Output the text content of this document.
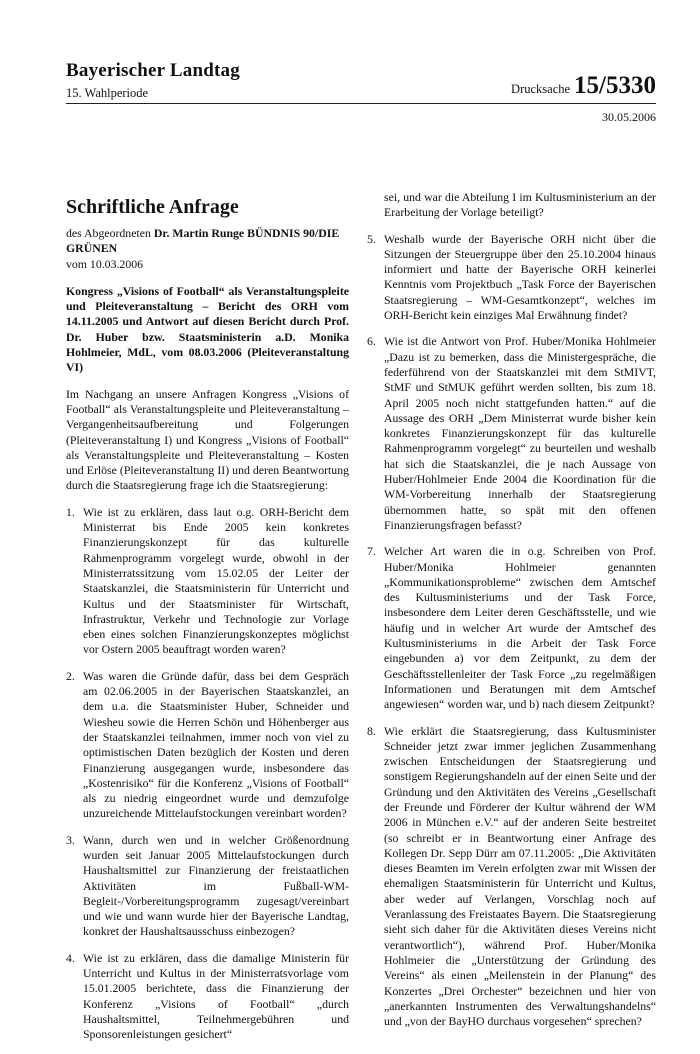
Bayerischer Landtag
15. Wahlperiode	Drucksache 15/5330
30.05.2006
Schriftliche Anfrage

des Abgeordneten Dr. Martin Runge BÜNDNIS 90/DIE GRÜNEN

vom 10.03.2006

Kongress „Visions of Football“ als Veranstaltungspleite und Pleiteveranstaltung – Bericht des ORH vom 14.11.2005 und Antwort auf diesen Bericht durch Prof. Dr. Huber bzw. Staatsministerin a.D. Monika Hohlmeier, MdL, vom 08.03.2006 (Pleiteveranstaltung VI)

Im Nachgang an unsere Anfragen Kongress „Visions of Football“ als Veranstaltungspleite und Pleiteveranstaltung – Vergangenheitsaufbereitung und Folgerungen (Pleiteveranstaltung I) und Kongress „Visions of Football“ als Veranstaltungspleite und Pleiteveranstaltung – Kosten und Erlöse (Pleiteveranstaltung II) und deren Beantwortung durch die Staatsregierung frage ich die Staatsregierung:

1. Wie ist zu erklären, dass laut o.g. ORH-Bericht dem Ministerrat bis Ende 2005 kein konkretes Finanzierungskonzept für das kulturelle Rahmenprogramm vorgelegt wurde, obwohl in der Ministerratssitzung vom 15.02.05 der Leiter der Staatskanzlei, die Staatsministerin für Unterricht und Kultus und der Staatsminister für Wirtschaft, Infrastruktur, Verkehr und Technologie zur Vorlage eben eines solchen Finanzierungskonzeptes möglichst vor Ostern 2005 beauftragt worden waren?
2. Was waren die Gründe dafür, dass bei dem Gespräch am 02.06.2005 in der Bayerischen Staatskanzlei, an dem u.a. die Staatsminister Huber, Schneider und Wiesheu sowie die Herren Schön und Höhenberger aus der Staatskanzlei teilnahmen, immer noch von viel zu optimistischen Daten bezüglich der Kosten und deren Finanzierung ausgegangen wurde, insbesondere das „Kostenrisiko“ für die Konferenz „Visions of Football“ als zu niedrig eingeordnet wurde und demzufolge unzureichende Mittelaufstockungen vereinbart worden?
3. Wann, durch wen und in welcher Größenordnung wurden seit Januar 2005 Mittelaufstockungen durch Haushaltsmittel zur Finanzierung der freistaatlichen Aktivitäten im Fußball-WM-Begleit-/Vorbereitungsprogramm zugesagt/vereinbart und wie und wann wurde hier der Bayerische Landtag, konkret der Haushaltsausschuss einbezogen?
4. Wie ist zu erklären, dass die damalige Ministerin für Unterricht und Kultus in der Ministerratsvorlage vom 15.01.2005 berichtete, dass die Finanzierung der Konferenz „Visions of Football“ „durch Haushaltsmittel, Teilnehmergebühren und Sponsorenleistungen gesichert“
sei, und war die Abteilung I im Kultusministerium an der Erarbeitung der Vorlage beteiligt?
5. Weshalb wurde der Bayerische ORH nicht über die Sitzungen der Steuergruppe über den 25.10.2004 hinaus informiert und hatte der Bayerische ORH keinerlei Kenntnis vom Projektbuch „Task Force der Bayerischen Staatsregierung – WM-Gesamtkonzept“, welches im ORH-Bericht kein einziges Mal Erwähnung findet?
6. Wie ist die Antwort von Prof. Huber/Monika Hohlmeier „Dazu ist zu bemerken, dass die Ministergespräche, die federführend von der Staatskanzlei mit dem StMIVT, StMF und StMUK geführt werden sollten, bis zum 18. April 2005 noch nicht stattgefunden hatten.“ auf die Aussage des ORH „Dem Ministerrat wurde bisher kein konkretes Finanzierungskonzept für das kulturelle Rahmenprogramm vorgelegt“ zu beurteilen und weshalb hat sich die Staatskanzlei, die je nach Aussage von Huber/Hohlmeier Ende 2004 die Koordination für die WM-Vorbereitung innerhalb der Staatsregierung übernommen hatte, so spät mit den offenen Finanzierungsfragen befasst?
7. Welcher Art waren die in o.g. Schreiben von Prof. Huber/Monika Hohlmeier genannten „Kommunikationsprobleme“ zwischen dem Amtschef des Kultusministeriums und der Task Force, insbesondere dem Leiter deren Geschäftsstelle, und wie häufig und in welcher Art wurde der Amtschef des Kultusministeriums in die Arbeit der Task Force eingebunden a) vor dem Zeitpunkt, zu dem der Geschäftsstellenleiter der Task Force „zu regelmäßigen Informationen und Beratungen mit dem Amtschef angewiesen“ worden war, und b) nach diesem Zeitpunkt?
8. Wie erklärt die Staatsregierung, dass Kultusminister Schneider jetzt zwar immer jeglichen Zusammenhang zwischen Entscheidungen der Staatsregierung und sonstigem Regierungshandeln auf der einen Seite und der Gründung und den Aktivitäten des Vereins „Gesellschaft der Freunde und Förderer der Kultur während der WM 2006 in München e.V.“ auf der anderen Seite bestreitet (so schreibt er in Beantwortung einer Anfrage des Kollegen Dr. Sepp Dürr am 07.11.2005: „Die Aktivitäten dieses Beamten im Verein erfolgten zwar mit Wissen der ehemaligen Staatsministerin für Unterricht und Kultus, aber weder auf Verlangen, Vorschlag noch auf Veranlassung des Freistaates Bayern. Die Staatsregierung sieht sich daher für die Aktivitäten dieses Vereins nicht verantwortlich“), während Prof. Huber/Monika Hohlmeier die „Unterstützung der Gründung des Vereins“ als einen „Meilenstein in der Planung“ des Konzertes „Drei Orchester“ bezeichnen und hier von „anerkannten Instrumenten des Verwaltungshandelns“ und „von der BayHO durchaus vorgesehen“ sprechen?
